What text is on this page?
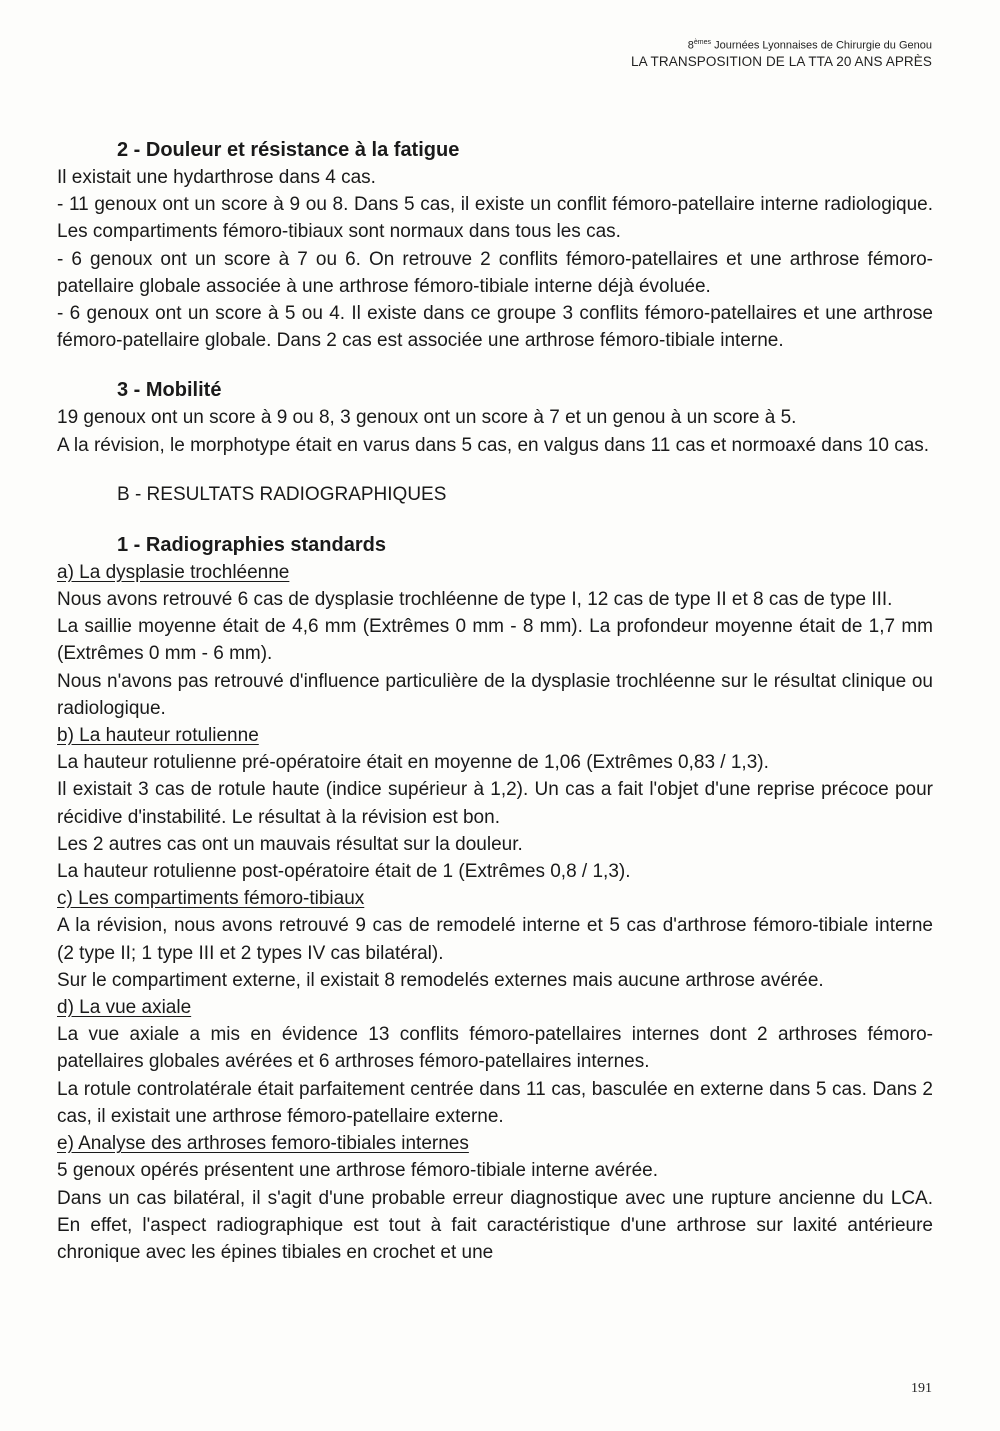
8èmes Journées Lyonnaises de Chirurgie du Genou
LA TRANSPOSITION DE LA TTA 20 ANS APRÈS
2 - Douleur et résistance à la fatigue

Il existait une hydarthrose dans 4 cas.

- 11 genoux ont un score à 9 ou 8. Dans 5 cas, il existe un conflit fémoro-patellaire interne radiologique. Les compartiments fémoro-tibiaux sont normaux dans tous les cas.

- 6 genoux ont un score à 7 ou 6. On retrouve 2 conflits fémoro-patellaires et une arthrose fémoro-patellaire globale associée à une arthrose fémoro-tibiale interne déjà évoluée.

- 6 genoux ont un score à 5 ou 4. Il existe dans ce groupe 3 conflits fémoro-patellaires et une arthrose fémoro-patellaire globale. Dans 2 cas est associée une arthrose fémoro-tibiale interne.

3 - Mobilité

19 genoux ont un score à 9 ou 8, 3 genoux ont un score à 7 et un genou à un score à 5.

A la révision, le morphotype était en varus dans 5 cas, en valgus dans 11 cas et normoaxé dans 10 cas.

B - RESULTATS RADIOGRAPHIQUES
1 - Radiographies standards
a) La dysplasie trochléenne

Nous avons retrouvé 6 cas de dysplasie trochléenne de type I, 12 cas de type II et 8 cas de type III.

La saillie moyenne était de 4,6 mm (Extrêmes 0 mm - 8 mm). La profondeur moyenne était de 1,7 mm (Extrêmes 0 mm - 6 mm).

Nous n'avons pas retrouvé d'influence particulière de la dysplasie trochléenne sur le résultat clinique ou radiologique.

b) La hauteur rotulienne

La hauteur rotulienne pré-opératoire était en moyenne de 1,06 (Extrêmes 0,83 / 1,3).

Il existait 3 cas de rotule haute (indice supérieur à 1,2). Un cas a fait l'objet d'une reprise précoce pour récidive d'instabilité. Le résultat à la révision est bon.

Les 2 autres cas ont un mauvais résultat sur la douleur.

La hauteur rotulienne post-opératoire était de 1 (Extrêmes 0,8 / 1,3).

c) Les compartiments fémoro-tibiaux

A la révision, nous avons retrouvé 9 cas de remodelé interne et 5 cas d'arthrose fémoro-tibiale interne (2 type II; 1 type III et 2 types IV cas bilatéral).

Sur le compartiment externe, il existait 8 remodelés externes mais aucune arthrose avérée.

d) La vue axiale

La vue axiale a mis en évidence 13 conflits fémoro-patellaires internes dont 2 arthroses fémoro-patellaires globales avérées et 6 arthroses fémoro-patellaires internes.

La rotule controlatérale était parfaitement centrée dans 11 cas, basculée en externe dans 5 cas. Dans 2 cas, il existait une arthrose fémoro-patellaire externe.

e) Analyse des arthroses femoro-tibiales internes

5 genoux opérés présentent une arthrose fémoro-tibiale interne avérée.

Dans un cas bilatéral, il s'agit d'une probable erreur diagnostique avec une rupture ancienne du LCA. En effet, l'aspect radiographique est tout à fait caractéristique d'une arthrose sur laxité antérieure chronique avec les épines tibiales en crochet et une

191
